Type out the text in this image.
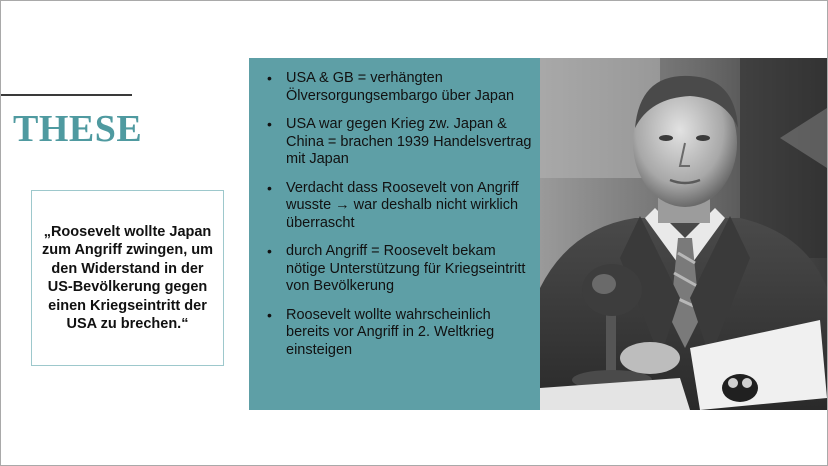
THESE
„Roosevelt wollte Japan zum Angriff zwingen, um den Widerstand in der US-Bevölkerung gegen einen Kriegseintritt der USA zu brechen.“
• USA & GB = verhängten Ölversorgungsembargo über Japan
• USA war gegen Krieg zw. Japan & China = brachen 1939 Handelsvertrag mit Japan
• Verdacht dass Roosevelt von Angriff wusste → war deshalb nicht wirklich überrascht
• durch Angriff = Roosevelt bekam nötige Unterstützung für Kriegseintritt von Bevölkerung
• Roosevelt wollte wahrscheinlich bereits vor Angriff in 2. Weltkrieg einsteigen
